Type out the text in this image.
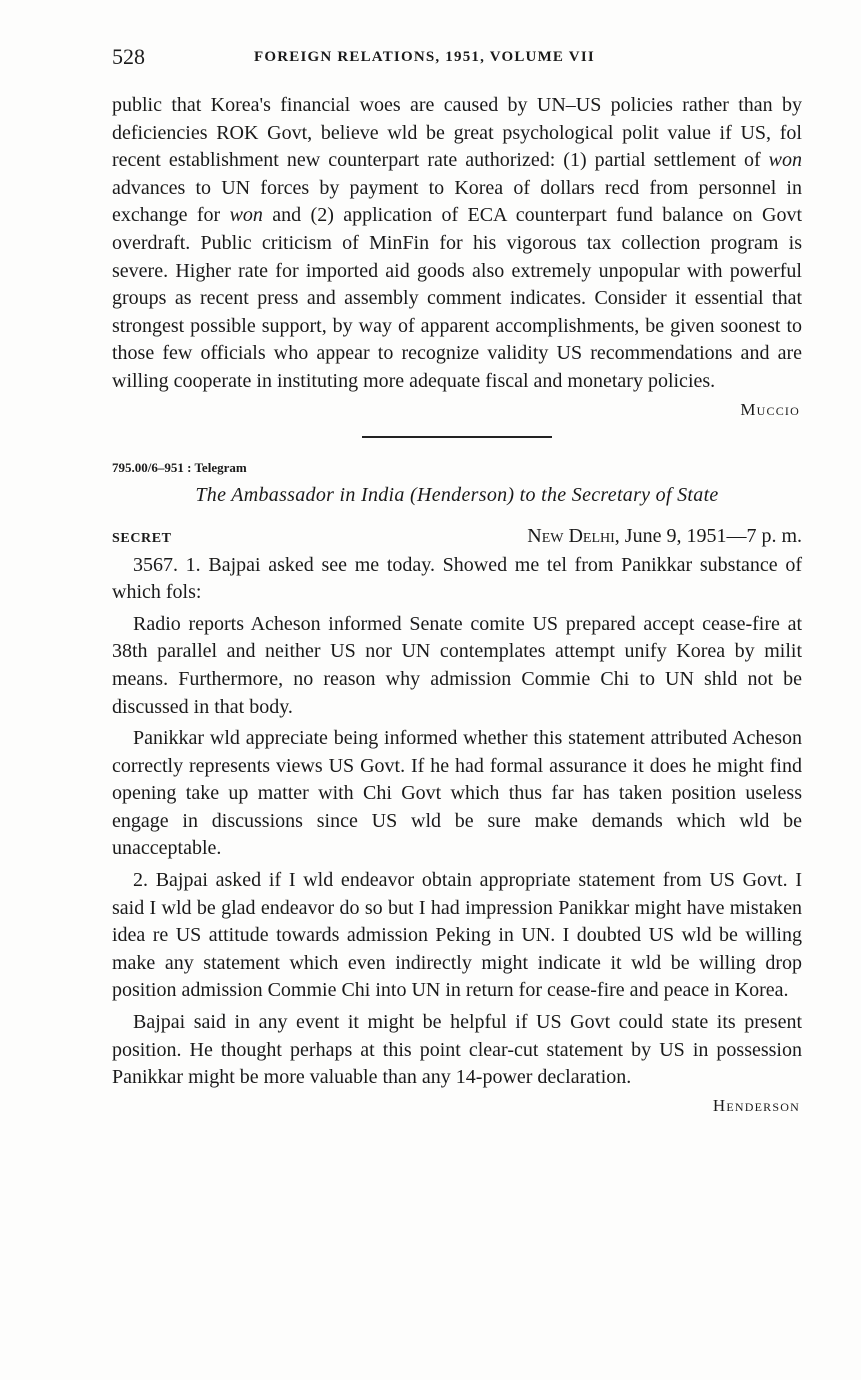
528	FOREIGN RELATIONS, 1951, VOLUME VII

public that Korea's financial woes are caused by UN–US policies rather than by deficiencies ROK Govt, believe wld be great psychological polit value if US, fol recent establishment new counterpart rate authorized: (1) partial settlement of won advances to UN forces by payment to Korea of dollars recd from personnel in exchange for won and (2) application of ECA counterpart fund balance on Govt overdraft. Public criticism of MinFin for his vigorous tax collection program is severe. Higher rate for imported aid goods also extremely unpopular with powerful groups as recent press and assembly comment indicates. Consider it essential that strongest possible support, by way of apparent accomplishments, be given soonest to those few officials who appear to recognize validity US recommendations and are willing cooperate in instituting more adequate fiscal and monetary policies.

Muccio
795.00/6–951 : Telegram
The Ambassador in India (Henderson) to the Secretary of State
SECRET	New Delhi, June 9, 1951—7 p. m.

3567. 1. Bajpai asked see me today. Showed me tel from Panikkar substance of which fols:

Radio reports Acheson informed Senate comite US prepared accept cease-fire at 38th parallel and neither US nor UN contemplates attempt unify Korea by milit means. Furthermore, no reason why admission Commie Chi to UN shld not be discussed in that body.

Panikkar wld appreciate being informed whether this statement attributed Acheson correctly represents views US Govt. If he had formal assurance it does he might find opening take up matter with Chi Govt which thus far has taken position useless engage in discussions since US wld be sure make demands which wld be unacceptable.

2. Bajpai asked if I wld endeavor obtain appropriate statement from US Govt. I said I wld be glad endeavor do so but I had impression Panikkar might have mistaken idea re US attitude towards admission Peking in UN. I doubted US wld be willing make any statement which even indirectly might indicate it wld be willing drop position admission Commie Chi into UN in return for cease-fire and peace in Korea.

Bajpai said in any event it might be helpful if US Govt could state its present position. He thought perhaps at this point clear-cut statement by US in possession Panikkar might be more valuable than any 14-power declaration.

Henderson
